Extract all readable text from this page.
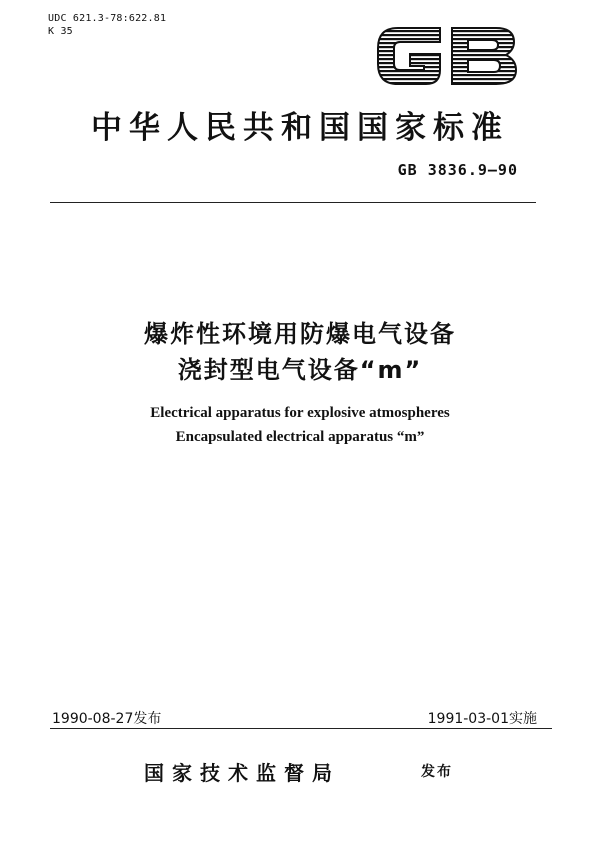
UDC 621.3-78:622.81
K 35
GB
中华人民共和国国家标准
GB 3836.9—90
爆炸性环境用防爆电气设备
浇封型电气设备“m”
Electrical apparatus for explosive atmospheres
Encapsulated electrical apparatus “m”
1990-08-27发布	1991-03-01实施
国家技术监督局	发布
